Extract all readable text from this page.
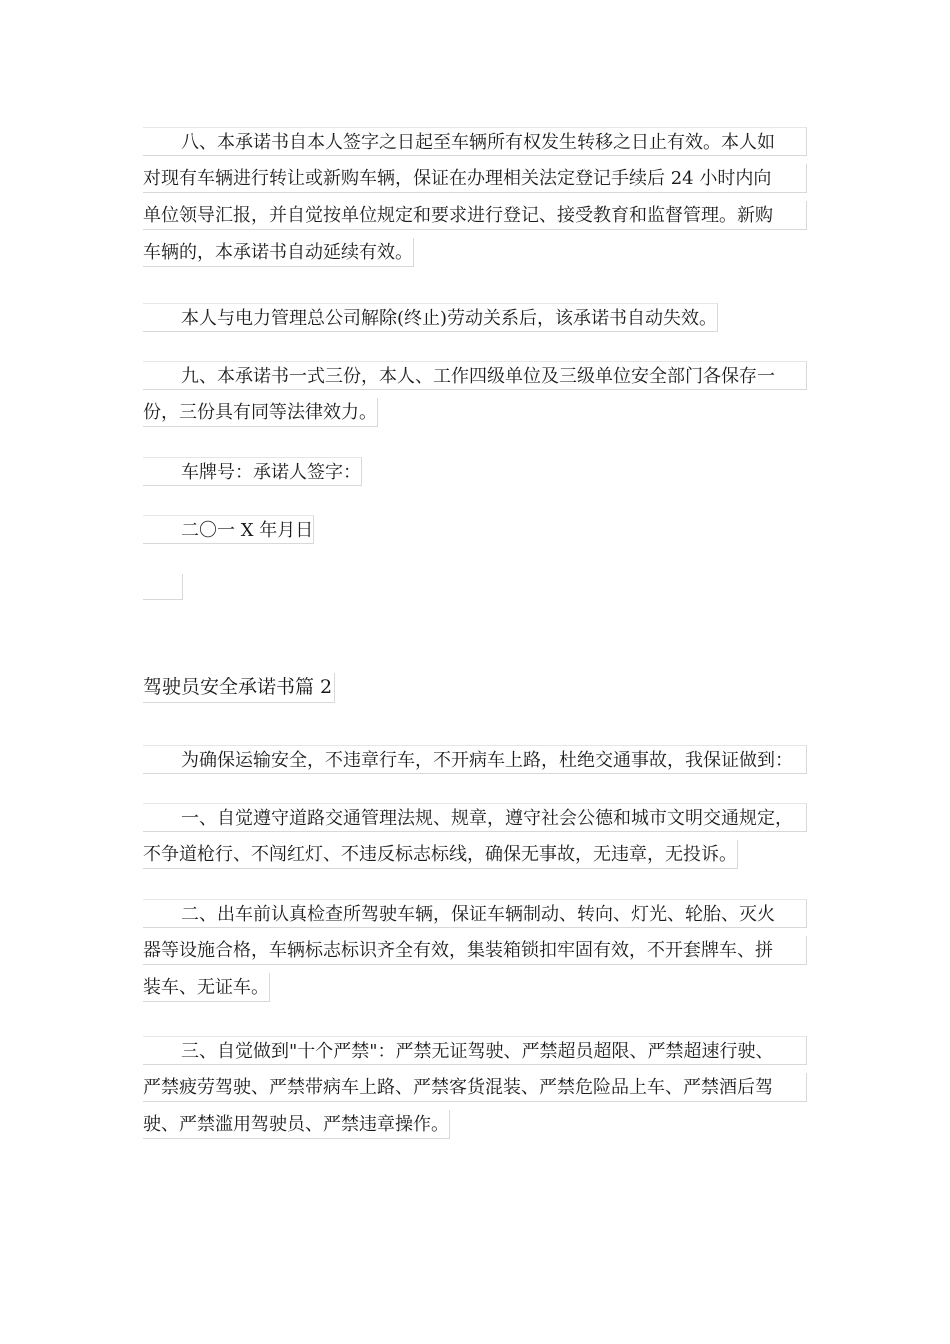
八、本承诺书自本人签字之日起至车辆所有权发生转移之日止有效。本人如
对现有车辆进行转让或新购车辆，保证在办理相关法定登记手续后 24 小时内向
单位领导汇报，并自觉按单位规定和要求进行登记、接受教育和监督管理。新购
车辆的，本承诺书自动延续有效。
本人与电力管理总公司解除(终止)劳动关系后，该承诺书自动失效。
九、本承诺书一式三份，本人、工作四级单位及三级单位安全部门各保存一
份，三份具有同等法律效力。
车牌号：承诺人签字：
二〇一 X 年月日
驾驶员安全承诺书篇 2
为确保运输安全，不违章行车，不开病车上路，杜绝交通事故，我保证做到：
一、自觉遵守道路交通管理法规、规章，遵守社会公德和城市文明交通规定，
不争道枪行、不闯红灯、不违反标志标线，确保无事故，无违章，无投诉。
二、出车前认真检查所驾驶车辆，保证车辆制动、转向、灯光、轮胎、灭火
器等设施合格，车辆标志标识齐全有效，集装箱锁扣牢固有效，不开套牌车、拼
装车、无证车。
三、自觉做到"十个严禁"：严禁无证驾驶、严禁超员超限、严禁超速行驶、
严禁疲劳驾驶、严禁带病车上路、严禁客货混装、严禁危险品上车、严禁酒后驾
驶、严禁滥用驾驶员、严禁违章操作。
